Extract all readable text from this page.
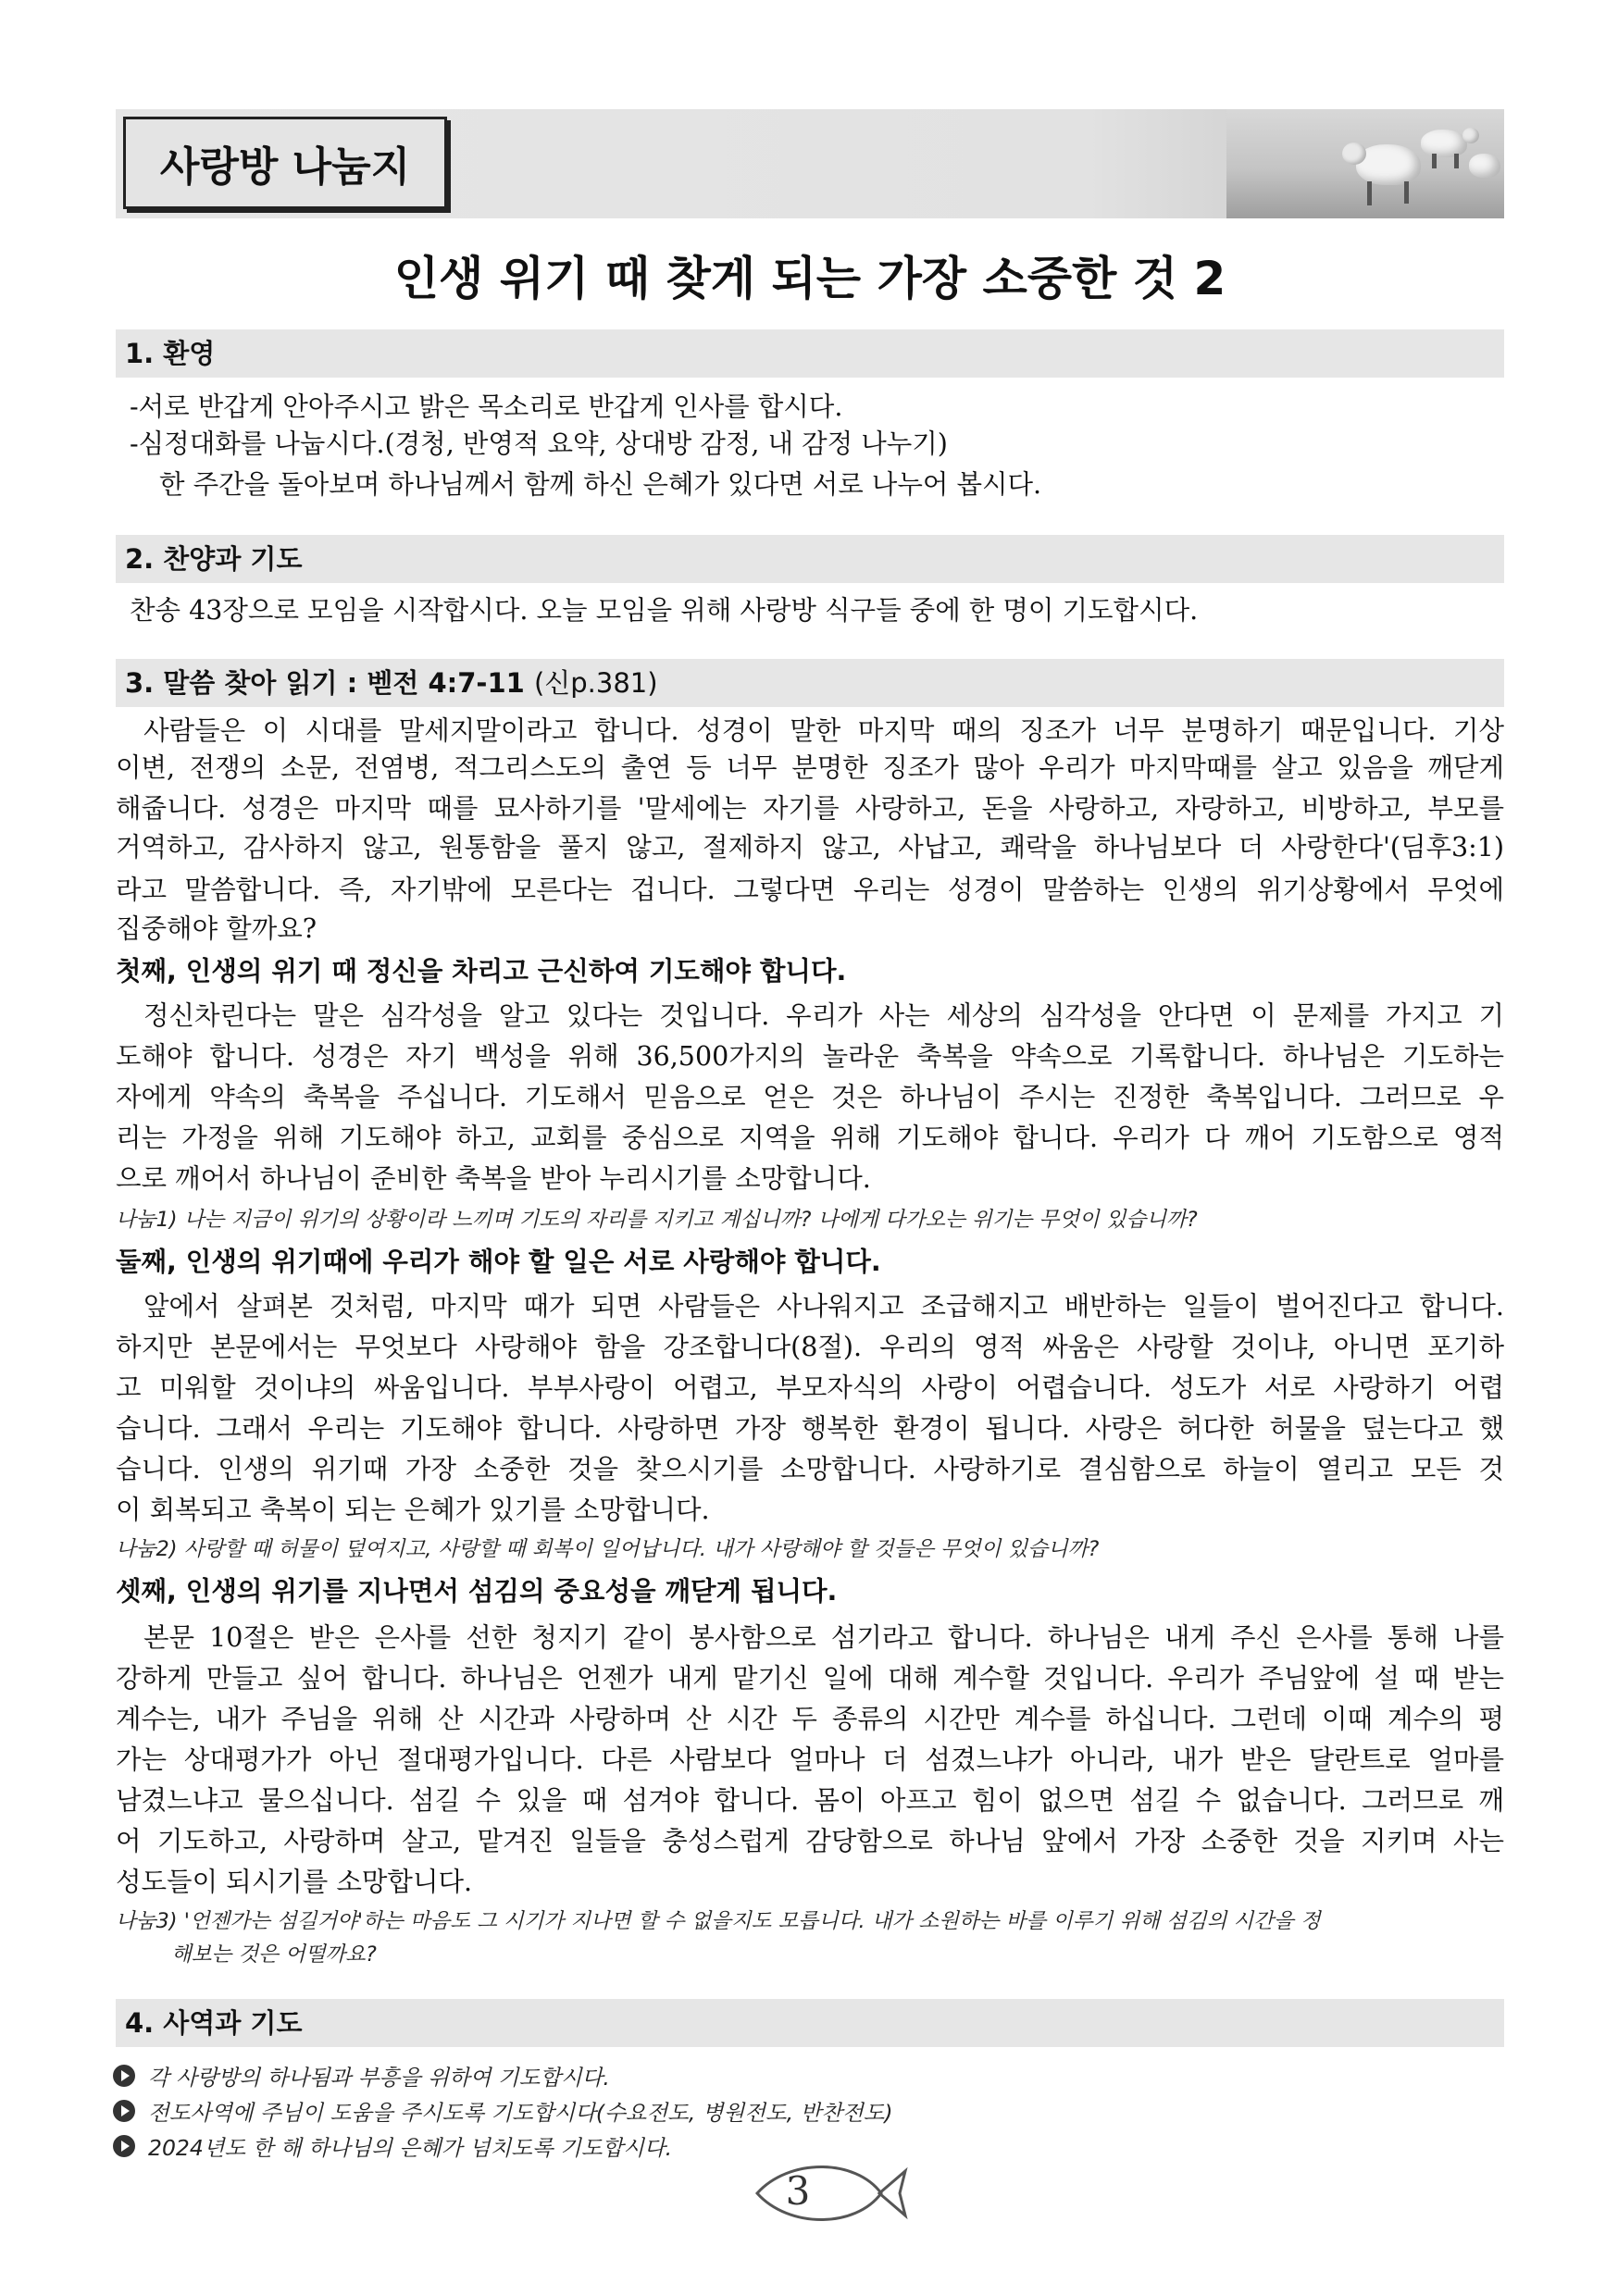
사랑방 나눔지
인생 위기 때 찾게 되는 가장 소중한 것 2
1. 환영
-서로 반갑게 안아주시고 밝은 목소리로 반갑게 인사를 합시다.
-심정대화를 나눕시다.(경청, 반영적 요약, 상대방 감정, 내 감정 나누기)
한 주간을 돌아보며 하나님께서 함께 하신 은혜가 있다면 서로 나누어 봅시다.
2. 찬양과 기도
찬송 43장으로 모임을 시작합시다. 오늘 모임을 위해 사랑방 식구들 중에 한 명이 기도합시다.
3. 말씀 찾아 읽기 : 벧전 4:7-11 (신p.381)
사람들은 이 시대를 말세지말이라고 합니다. 성경이 말한 마지막 때의 징조가 너무 분명하기 때문입니다. 기상
이변, 전쟁의 소문, 전염병, 적그리스도의 출연 등 너무 분명한 징조가 많아 우리가 마지막때를 살고 있음을 깨닫게
해줍니다. 성경은 마지막 때를 묘사하기를 '말세에는 자기를 사랑하고, 돈을 사랑하고, 자랑하고, 비방하고, 부모를
거역하고, 감사하지 않고, 원통함을 풀지 않고, 절제하지 않고, 사납고, 쾌락을 하나님보다 더 사랑한다'(딤후3:1)
라고 말씀합니다. 즉, 자기밖에 모른다는 겁니다. 그렇다면 우리는 성경이 말씀하는 인생의 위기상황에서 무엇에
집중해야 할까요?
첫째, 인생의 위기 때 정신을 차리고 근신하여 기도해야 합니다.
정신차린다는 말은 심각성을 알고 있다는 것입니다. 우리가 사는 세상의 심각성을 안다면 이 문제를 가지고 기
도해야 합니다. 성경은 자기 백성을 위해 36,500가지의 놀라운 축복을 약속으로 기록합니다. 하나님은 기도하는
자에게 약속의 축복을 주십니다. 기도해서 믿음으로 얻은 것은 하나님이 주시는 진정한 축복입니다. 그러므로 우
리는 가정을 위해 기도해야 하고, 교회를 중심으로 지역을 위해 기도해야 합니다. 우리가 다 깨어 기도함으로 영적
으로 깨어서 하나님이 준비한 축복을 받아 누리시기를 소망합니다.
나눔1) 나는 지금이 위기의 상황이라 느끼며 기도의 자리를 지키고 계십니까? 나에게 다가오는 위기는 무엇이 있습니까?
둘째, 인생의 위기때에 우리가 해야 할 일은 서로 사랑해야 합니다.
앞에서 살펴본 것처럼, 마지막 때가 되면 사람들은 사나워지고 조급해지고 배반하는 일들이 벌어진다고 합니다.
하지만 본문에서는 무엇보다 사랑해야 함을 강조합니다(8절). 우리의 영적 싸움은 사랑할 것이냐, 아니면 포기하
고 미워할 것이냐의 싸움입니다. 부부사랑이 어렵고, 부모자식의 사랑이 어렵습니다. 성도가 서로 사랑하기 어렵
습니다. 그래서 우리는 기도해야 합니다. 사랑하면 가장 행복한 환경이 됩니다. 사랑은 허다한 허물을 덮는다고 했
습니다. 인생의 위기때 가장 소중한 것을 찾으시기를 소망합니다. 사랑하기로 결심함으로 하늘이 열리고 모든 것
이 회복되고 축복이 되는 은혜가 있기를 소망합니다.
나눔2) 사랑할 때 허물이 덮여지고, 사랑할 때 회복이 일어납니다. 내가 사랑해야 할 것들은 무엇이 있습니까?
셋째, 인생의 위기를 지나면서 섬김의 중요성을 깨닫게 됩니다.
본문 10절은 받은 은사를 선한 청지기 같이 봉사함으로 섬기라고 합니다. 하나님은 내게 주신 은사를 통해 나를
강하게 만들고 싶어 합니다. 하나님은 언젠가 내게 맡기신 일에 대해 계수할 것입니다. 우리가 주님앞에 설 때 받는
계수는, 내가 주님을 위해 산 시간과 사랑하며 산 시간 두 종류의 시간만 계수를 하십니다. 그런데 이때 계수의 평
가는 상대평가가 아닌 절대평가입니다. 다른 사람보다 얼마나 더 섬겼느냐가 아니라, 내가 받은 달란트로 얼마를
남겼느냐고 물으십니다. 섬길 수 있을 때 섬겨야 합니다. 몸이 아프고 힘이 없으면 섬길 수 없습니다. 그러므로 깨
어 기도하고, 사랑하며 살고, 맡겨진 일들을 충성스럽게 감당함으로 하나님 앞에서 가장 소중한 것을 지키며 사는
성도들이 되시기를 소망합니다.
나눔3) '언젠가는 섬길거야'하는 마음도 그 시기가 지나면 할 수 없을지도 모릅니다. 내가 소원하는 바를 이루기 위해 섬김의 시간을 정
해보는 것은 어떨까요?
4. 사역과 기도
각 사랑방의 하나됨과 부흥을 위하여 기도합시다.
전도사역에 주님이 도움을 주시도록 기도합시다(수요전도, 병원전도, 반찬전도)
2024년도 한 해 하나님의 은혜가 넘치도록 기도합시다.
3
